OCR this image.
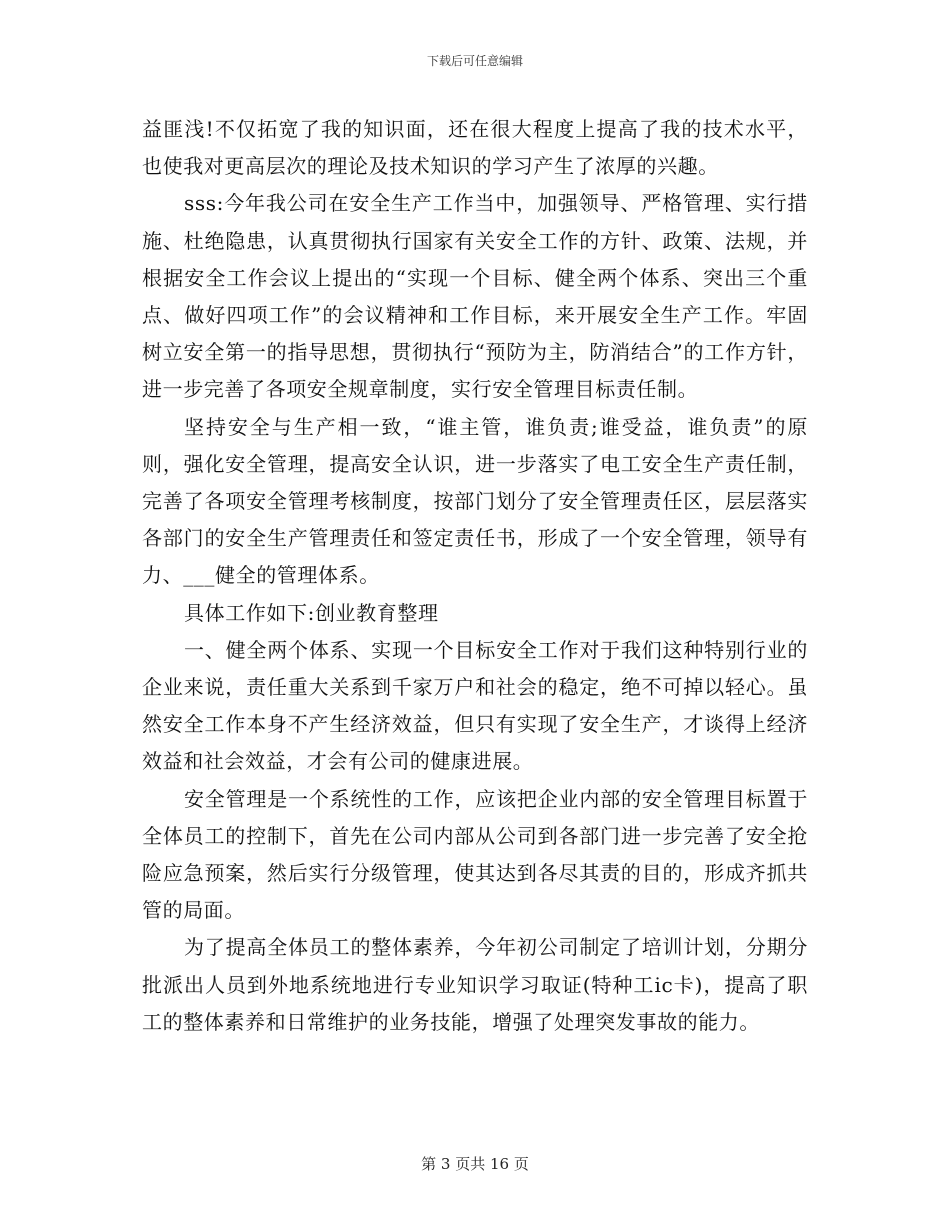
下载后可任意编辑

益匪浅!不仅拓宽了我的知识面，还在很大程度上提高了我的技术水平，也使我对更高层次的理论及技术知识的学习产生了浓厚的兴趣。

sss:今年我公司在安全生产工作当中，加强领导、严格管理、实行措施、杜绝隐患，认真贯彻执行国家有关安全工作的方针、政策、法规，并根据安全工作会议上提出的“实现一个目标、健全两个体系、突出三个重点、做好四项工作”的会议精神和工作目标，来开展安全生产工作。牢固树立安全第一的指导思想，贯彻执行“预防为主，防消结合”的工作方针，进一步完善了各项安全规章制度，实行安全管理目标责任制。

坚持安全与生产相一致，“谁主管，谁负责;谁受益，谁负责”的原则，强化安全管理，提高安全认识，进一步落实了电工安全生产责任制，完善了各项安全管理考核制度，按部门划分了安全管理责任区，层层落实各部门的安全生产管理责任和签定责任书，形成了一个安全管理，领导有力、___健全的管理体系。

具体工作如下:创业教育整理

一、健全两个体系、实现一个目标安全工作对于我们这种特别行业的企业来说，责任重大关系到千家万户和社会的稳定，绝不可掉以轻心。虽然安全工作本身不产生经济效益，但只有实现了安全生产，才谈得上经济效益和社会效益，才会有公司的健康进展。

安全管理是一个系统性的工作，应该把企业内部的安全管理目标置于全体员工的控制下，首先在公司内部从公司到各部门进一步完善了安全抢险应急预案，然后实行分级管理，使其达到各尽其责的目的，形成齐抓共管的局面。

为了提高全体员工的整体素养，今年初公司制定了培训计划，分期分批派出人员到外地系统地进行专业知识学习取证(特种工ic卡)，提高了职工的整体素养和日常维护的业务技能，增强了处理突发事故的能力。

第 3 页共 16 页
